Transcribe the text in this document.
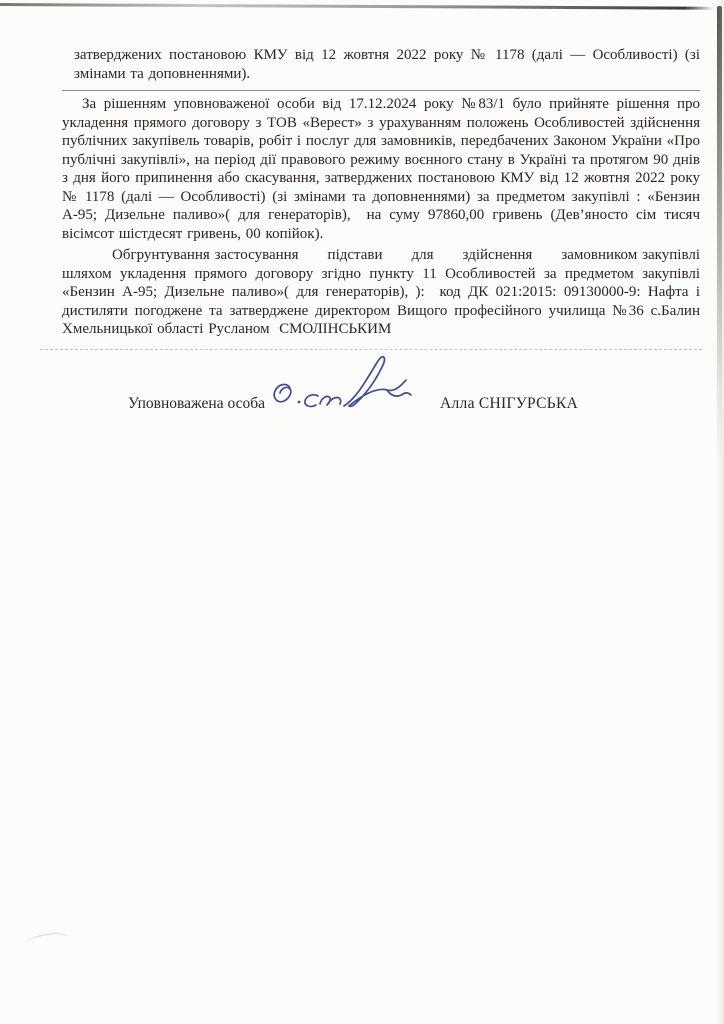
затверджених постановою КМУ від 12 жовтня 2022 року № 1178 (далі — Особливості) (зі змінами та доповненнями).

За рішенням уповноваженої особи від 17.12.2024 року №83/1 було прийняте рішення про укладення прямого договору з ТОВ «Верест» з урахуванням положень Особливостей здійснення публічних закупівель товарів, робіт і послуг для замовників, передбачених Законом України «Про публічні закупівлі», на період дії правового режиму воєнного стану в Україні та протягом 90 днів з дня його припинення або скасування, затверджених постановою КМУ від 12 жовтня 2022 року № 1178 (далі — Особливості) (зі змінами та доповненнями) за предметом закупівлі : «Бензин А-95; Дизельне паливо»( для генераторів),  на суму 97860,00 гривень (Дев’яносто сім тисяч вісімсот шістдесят гривень, 00 копійок).

Обгрунтування застосування      підстави      для      здійснення      замовником закупівлі шляхом укладення прямого договору згідно пункту 11 Особливостей за предметом закупівлі «Бензин А-95; Дизельне паливо»( для генераторів), ):  код ДК 021:2015: 09130000-9: Нафта і дистиляти погоджене та затверджене директором Вищого професійного училища №36 с.Балин Хмельницької області Русланом  СМОЛІНСЬКИМ

Уповноважена особа	Алла СНІГУРСЬКА
